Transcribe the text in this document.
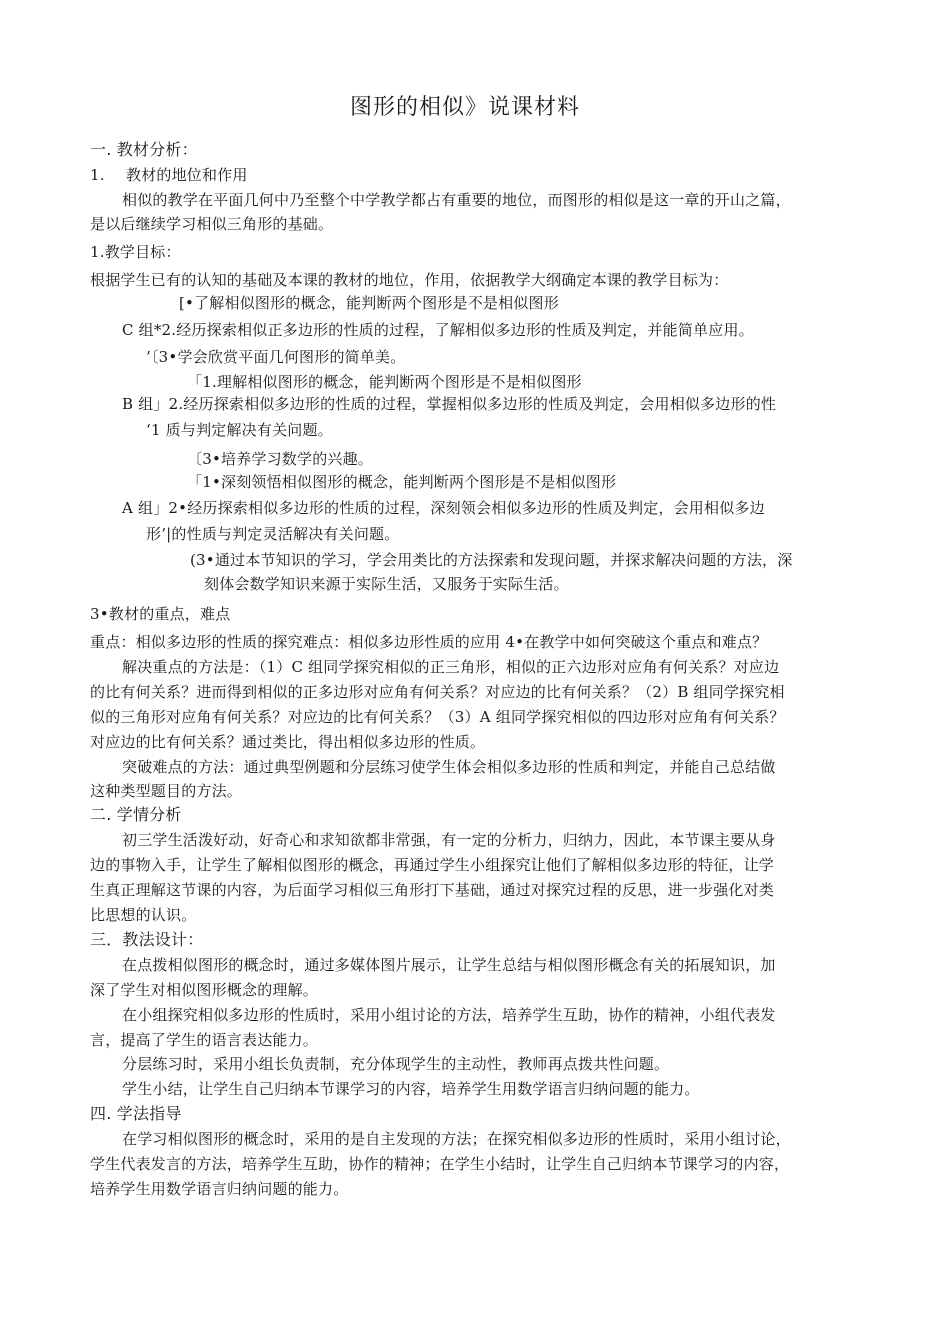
图形的相似》说课材料
一. 教材分析：
1. 教材的地位和作用
相似的教学在平面几何中乃至整个中学教学都占有重要的地位，而图形的相似是这一章的开山之篇，
是以后继续学习相似三角形的基础。
1.教学目标：
根据学生已有的认知的基础及本课的教材的地位，作用，依据教学大纲确定本课的教学目标为：
[•了解相似图形的概念，能判断两个图形是不是相似图形
C 组*2.经历探索相似正多边形的性质的过程，了解相似多边形的性质及判定，并能简单应用。
’〔3•学会欣赏平面几何图形的简单美。
「1.理解相似图形的概念，能判断两个图形是不是相似图形
B 组」2.经历探索相似多边形的性质的过程，掌握相似多边形的性质及判定，会用相似多边形的性
‘1 质与判定解决有关问题。
〔3•培养学习数学的兴趣。
「1•深刻领悟相似图形的概念，能判断两个图形是不是相似图形
A 组」2•经历探索相似多边形的性质的过程，深刻领会相似多边形的性质及判定，会用相似多边
形’|的性质与判定灵活解决有关问题。
(3•通过本节知识的学习，学会用类比的方法探索和发现问题，并探求解决问题的方法，深
刻体会数学知识来源于实际生活，又服务于实际生活。
3•教材的重点，难点
重点：相似多边形的性质的探究难点：相似多边形性质的应用 4•在教学中如何突破这个重点和难点？
解决重点的方法是：（1）C 组同学探究相似的正三角形，相似的正六边形对应角有何关系？对应边
的比有何关系？进而得到相似的正多边形对应角有何关系？对应边的比有何关系？（2）B 组同学探究相
似的三角形对应角有何关系？对应边的比有何关系？（3）A 组同学探究相似的四边形对应角有何关系？
对应边的比有何关系？通过类比，得出相似多边形的性质。
突破难点的方法：通过典型例题和分层练习使学生体会相似多边形的性质和判定，并能自己总结做
这种类型题目的方法。
二. 学情分析
初三学生活泼好动，好奇心和求知欲都非常强，有一定的分析力，归纳力，因此，本节课主要从身
边的事物入手，让学生了解相似图形的概念，再通过学生小组探究让他们了解相似多边形的特征，让学
生真正理解这节课的内容，为后面学习相似三角形打下基础，通过对探究过程的反思，进一步强化对类
比思想的认识。
三．教法设计：
在点拨相似图形的概念时，通过多媒体图片展示，让学生总结与相似图形概念有关的拓展知识，加
深了学生对相似图形概念的理解。
在小组探究相似多边形的性质时，采用小组讨论的方法，培养学生互助，协作的精神，小组代表发
言，提高了学生的语言表达能力。
分层练习时，采用小组长负责制，充分体现学生的主动性，教师再点拨共性问题。
学生小结，让学生自己归纳本节课学习的内容，培养学生用数学语言归纳问题的能力。
四. 学法指导
在学习相似图形的概念时，采用的是自主发现的方法；在探究相似多边形的性质时，采用小组讨论，
学生代表发言的方法，培养学生互助，协作的精神；在学生小结时，让学生自己归纳本节课学习的内容，
培养学生用数学语言归纳问题的能力。
